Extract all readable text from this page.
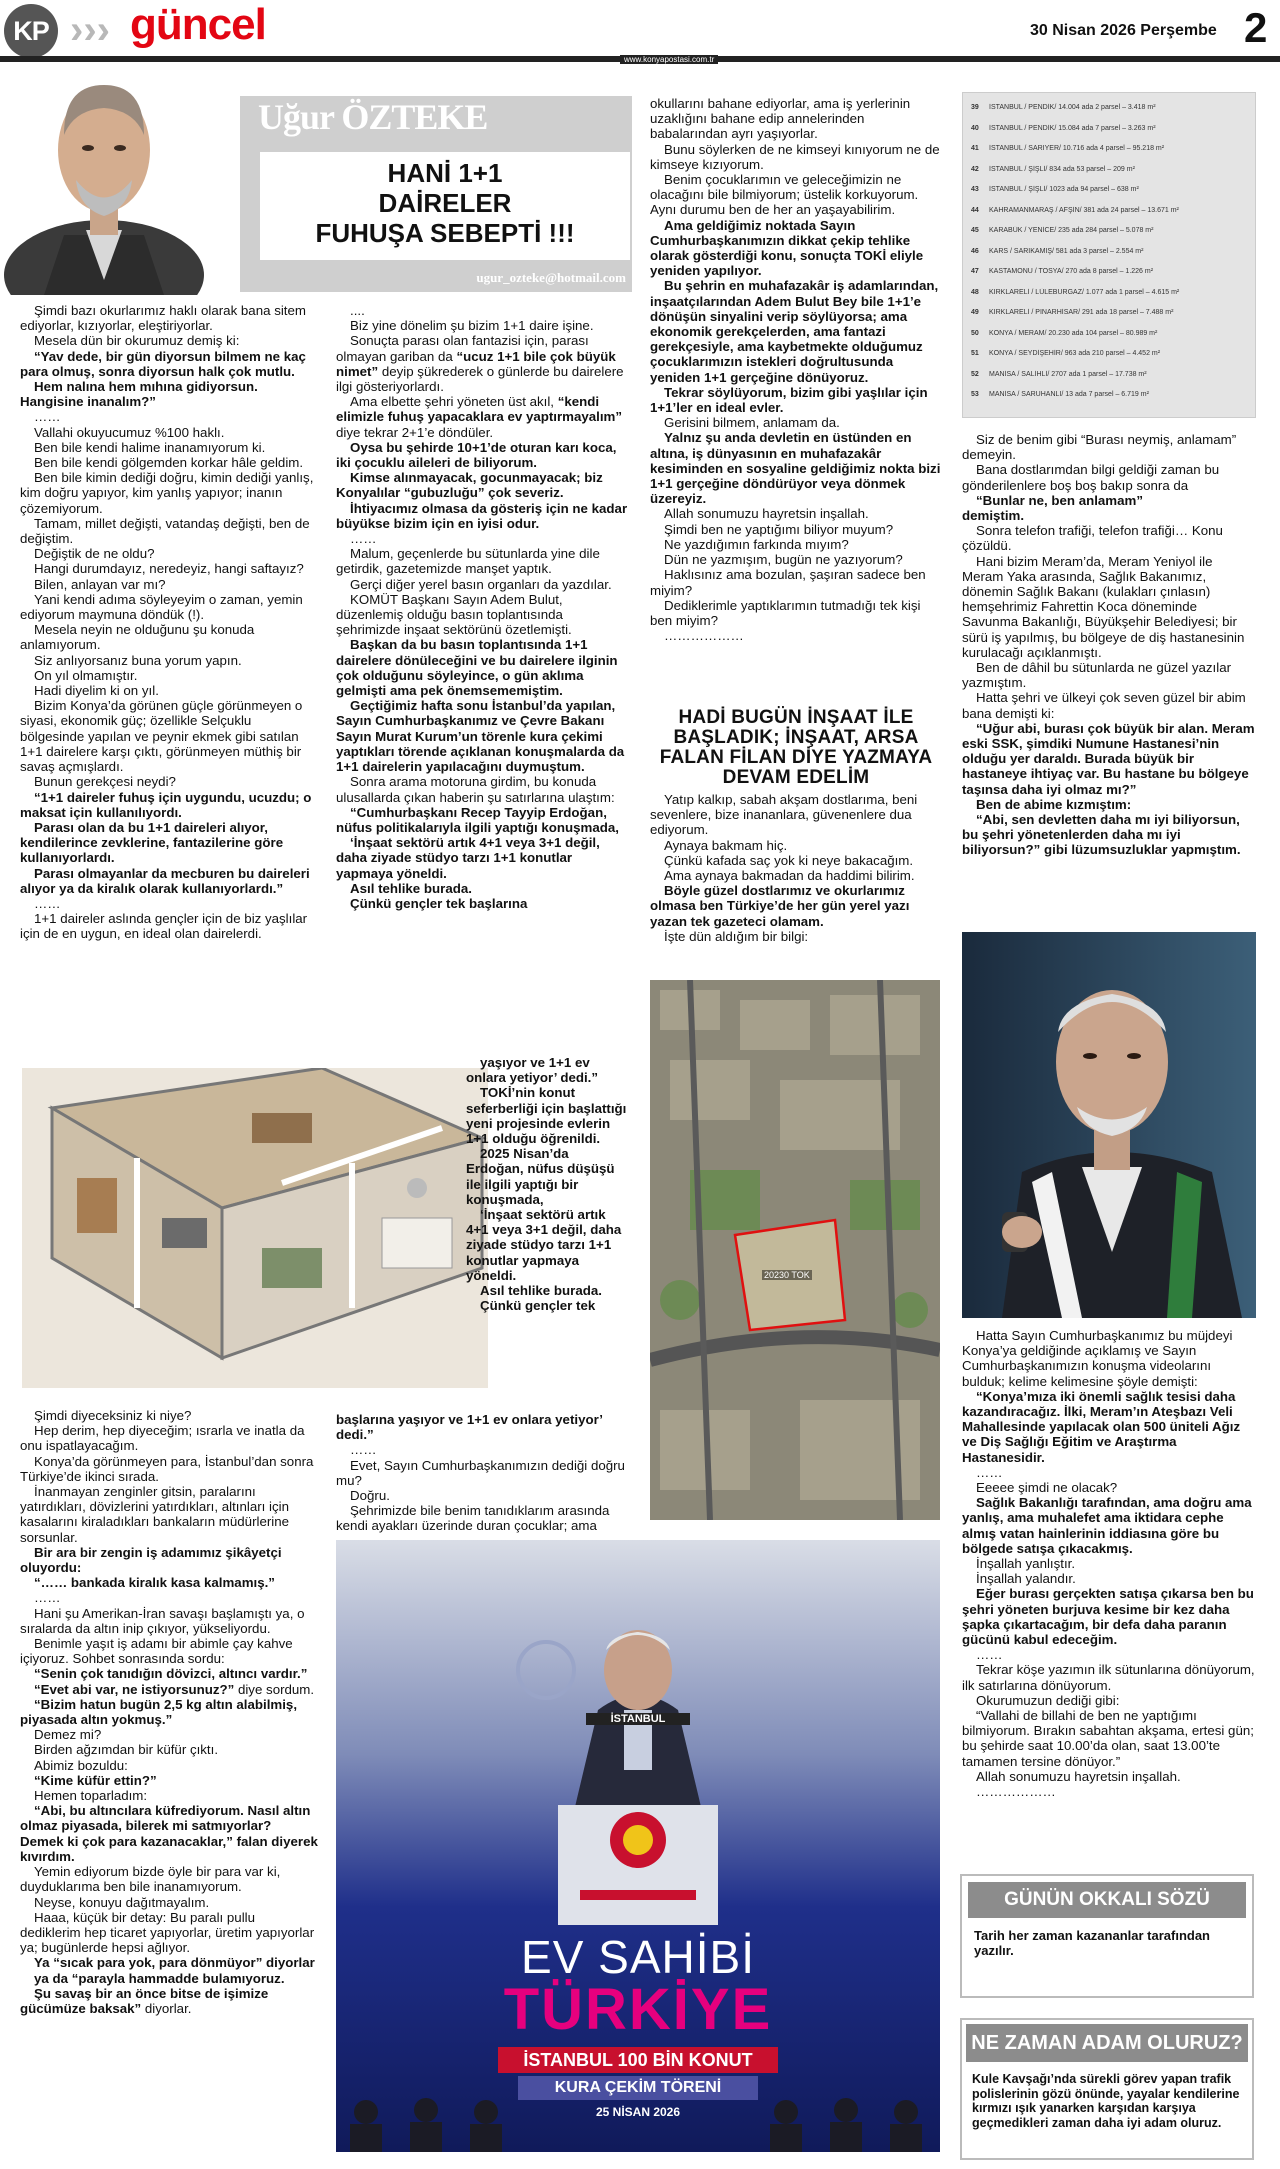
KP ››› güncel	30 Nisan 2026 Perşembe 2
www.konyapostasi.com.tr
Uğur ÖZTEKE
HANİ 1+1
DAİRELER
FUHUŞA SEBEPTİ !!!
ugur_ozteke@hotmail.com

Şimdi bazı okurlarımız haklı olarak bana sitem ediyorlar, kızıyorlar, eleştiriyorlar.

Mesela dün bir okurumuz demiş ki:

“Yav dede, bir gün diyorsun bilmem ne kaç para olmuş, sonra diyorsun halk çok mutlu.

Hem nalına hem mıhına gidiyorsun. Hangisine inanalım?”

……

Vallahi okuyucumuz %100 haklı.

Ben bile kendi halime inanamıyorum ki.

Ben bile kendi gölgemden korkar hâle geldim.

Ben bile kimin dediği doğru, kimin dediği yanlış, kim doğru yapıyor, kim yanlış yapıyor; inanın çözemiyorum.

Tamam, millet değişti, vatandaş değişti, ben de değiştim.

Değiştik de ne oldu?

Hangi durumdayız, neredeyiz, hangi saftayız?

Bilen, anlayan var mı?

Yani kendi adıma söyleyeyim o zaman, yemin ediyorum maymuna döndük (!).

Mesela neyin ne olduğunu şu konuda anlamıyorum.

Siz anlıyorsanız buna yorum yapın.

On yıl olmamıştır.

Hadi diyelim ki on yıl.

Bizim Konya’da görünen güçle görünmeyen o siyasi, ekonomik güç; özellikle Selçuklu bölgesinde yapılan ve peynir ekmek gibi satılan 1+1 dairelere karşı çıktı, görünmeyen müthiş bir savaş açmışlardı.

Bunun gerekçesi neydi?

“1+1 daireler fuhuş için uygundu, ucuzdu; o maksat için kullanılıyordı.

Parası olan da bu 1+1 daireleri alıyor, kendilerince zevklerine, fantazilerine göre kullanıyorlardı.

Parası olmayanlar da mecburen bu daireleri alıyor ya da kiralık olarak kullanıyorlardı.”

……

1+1 daireler aslında gençler için de biz yaşlılar için de en uygun, en ideal olan dairelerdi.

Şimdi diyeceksiniz ki niye?

Hep derim, hep diyeceğim; ısrarla ve inatla da onu ispatlayacağım.

Konya’da görünmeyen para, İstanbul’dan sonra Türkiye’de ikinci sırada.

İnanmayan zenginler gitsin, paralarını yatırdıkları, dövizlerini yatırdıkları, altınları için kasalarını kiraladıkları bankaların müdürlerine sorsunlar.

Bir ara bir zengin iş adamımız şikâyetçi oluyordu:

“…… bankada kiralık kasa kalmamış.”

……

Hani şu Amerikan-İran savaşı başlamıştı ya, o sıralarda da altın inip çıkıyor, yükseliyordu.

Benimle yaşıt iş adamı bir abimle çay kahve içiyoruz. Sohbet sonrasında sordu:

“Senin çok tanıdığın dövizci, altıncı vardır.”

“Evet abi var, ne istiyorsunuz?” diye sordum.

“Bizim hatun bugün 2,5 kg altın alabilmiş, piyasada altın yokmuş.”

Demez mi?

Birden ağzımdan bir küfür çıktı.

Abimiz bozuldu:

“Kime küfür ettin?”

Hemen toparladım:

“Abi, bu altıncılara küfrediyorum. Nasıl altın olmaz piyasada, bilerek mi satmıyorlar? Demek ki çok para kazanacaklar,” falan diyerek kıvırdım.

Yemin ediyorum bizde öyle bir para var ki, duyduklarıma ben bile inanamıyorum.

Neyse, konuyu dağıtmayalım.

Haaa, küçük bir detay: Bu paralı pullu dediklerim hep ticaret yapıyorlar, üretim yapıyorlar ya; bugünlerde hepsi ağlıyor.

Ya “sıcak para yok, para dönmüyor” diyorlar

ya da “parayla hammadde bulamıyoruz.

Şu savaş bir an önce bitse de işimize gücümüze baksak” diyorlar.

....

Biz yine dönelim şu bizim 1+1 daire işine.

Sonuçta parası olan fantazisi için, parası olmayan gariban da “ucuz 1+1 bile çok büyük nimet” deyip şükrederek o günlerde bu dairelere ilgi gösteriyorlardı.

Ama elbette şehri yöneten üst akıl, “kendi elimizle fuhuş yapacaklara ev yaptırmayalım” diye tekrar 2+1’e döndüler.

Oysa bu şehirde 10+1’de oturan karı koca, iki çocuklu aileleri de biliyorum.

Kimse alınmayacak, gocunmayacak; biz Konyalılar “gubuzluğu” çok severiz.

İhtiyacımız olmasa da gösteriş için ne kadar büyükse bizim için en iyisi odur.

……

Malum, geçenlerde bu sütunlarda yine dile getirdik, gazetemizde manşet yaptık.

Gerçi diğer yerel basın organları da yazdılar.

KOMÜT Başkanı Sayın Adem Bulut, düzenlemiş olduğu basın toplantısında şehrimizde inşaat sektörünü özetlemişti.

Başkan da bu basın toplantısında 1+1 dairelere dönüleceğini ve bu dairelere ilginin çok olduğunu söyleyince, o gün aklıma gelmişti ama pek önemsememiştim.

Geçtiğimiz hafta sonu İstanbul’da yapılan, Sayın Cumhurbaşkanımız ve Çevre Bakanı Sayın Murat Kurum’un törenle kura çekimi yaptıkları törende açıklanan konuşmalarda da 1+1 dairelerin yapılacağını duymuştum.

Sonra arama motoruna girdim, bu konuda ulusallarda çıkan haberin şu satırlarına ulaştım:

“Cumhurbaşkanı Recep Tayyip Erdoğan, nüfus politikalarıyla ilgili yaptığı konuşmada,

‘İnşaat sektörü artık 4+1 veya 3+1 değil, daha ziyade stüdyo tarzı 1+1 konutlar yapmaya yöneldi.

Asıl tehlike burada.

Çünkü gençler tek başlarına

yaşıyor ve 1+1 ev onlara yetiyor’ dedi.”

TOKİ’nin konut seferberliği için başlattığı yeni projesinde evlerin 1+1 olduğu öğrenildi.

2025 Nisan’da Erdoğan, nüfus düşüşü ile ilgili yaptığı bir konuşmada,

‘İnşaat sektörü artık 4+1 veya 3+1 değil, daha ziyade stüdyo tarzı 1+1 konutlar yapmaya yöneldi.

Asıl tehlike burada.

Çünkü gençler tek

başlarına yaşıyor ve 1+1 ev onlara yetiyor’ dedi.”

……

Evet, Sayın Cumhurbaşkanımızın dediği doğru mu?

Doğru.

Şehrimizde bile benim tanıdıklarım arasında kendi ayakları üzerinde duran çocuklar; ama

İSTANBUL
EV SAHİBİ
TÜRKİYE
İSTANBUL 100 BİN KONUT
KURA ÇEKİM TÖRENİ
25 NİSAN 2026

okullarını bahane ediyorlar, ama iş yerlerinin uzaklığını bahane edip annelerinden babalarından ayrı yaşıyorlar.

Bunu söylerken de ne kimseyi kınıyorum ne de kimseye kızıyorum.

Benim çocuklarımın ve geleceğimizin ne olacağını bile bilmiyorum; üstelik korkuyorum. Aynı durumu ben de her an yaşayabilirim.

Ama geldiğimiz noktada Sayın Cumhurbaşkanımızın dikkat çekip tehlike olarak gösterdiği konu, sonuçta TOKİ eliyle yeniden yapılıyor.

Bu şehrin en muhafazakâr iş adamlarından, inşaatçılarından Adem Bulut Bey bile 1+1’e dönüşün sinyalini verip söylüyorsa; ama ekonomik gerekçelerden, ama fantazi gerekçesiyle, ama kaybetmekte olduğumuz çocuklarımızın istekleri doğrultusunda yeniden 1+1 gerçeğine dönüyoruz.

Tekrar söylüyorum, bizim gibi yaşlılar için 1+1’ler en ideal evler.

Gerisini bilmem, anlamam da.

Yalnız şu anda devletin en üstünden en altına, iş dünyasının en muhafazakâr kesiminden en sosyaline geldiğimiz nokta bizi 1+1 gerçeğine döndürüyor veya dönmek üzereyiz.

Allah sonumuzu hayretsin inşallah.

Şimdi ben ne yaptığımı biliyor muyum?

Ne yazdığımın farkında mıyım?

Dün ne yazmışım, bugün ne yazıyorum?

Haklısınız ama bozulan, şaşıran sadece ben miyim?

Dediklerimle yaptıklarımın tutmadığı tek kişi ben miyim?

………………

HADİ BUGÜN İNŞAAT İLE
BAŞLADIK; İNŞAAT, ARSA
FALAN FİLAN DİYE YAZMAYA
DEVAM EDELİM

Yatıp kalkıp, sabah akşam dostlarıma, beni sevenlere, bize inananlara, güvenenlere dua ediyorum.

Aynaya bakmam hiç.

Çünkü kafada saç yok ki neye bakacağım.

Ama aynaya bakmadan da haddimi bilirim.

Böyle güzel dostlarımız ve okurlarımız olmasa ben Türkiye’de her gün yerel yazı yazan tek gazeteci olamam.

İşte dün aldığım bir bilgi:

20230 TOK
39 İSTANBUL / PENDİK/ 14.004 ada 2 parsel – 3.418 m²
40 İSTANBUL / PENDİK/ 15.084 ada 7 parsel – 3.263 m²
41 İSTANBUL / SARIYER/ 10.716 ada 4 parsel – 95.218 m²
42 İSTANBUL / ŞİŞLİ/ 834 ada 53 parsel – 209 m²
43 İSTANBUL / ŞİŞLİ/ 1023 ada 94 parsel – 638 m²
44 KAHRAMANMARAŞ / AFŞİN/ 381 ada 24 parsel – 13.671 m²
45 KARABÜK / YENİCE/ 235 ada 284 parsel – 5.078 m²
46 KARS / SARIKAMIŞ/ 581 ada 3 parsel – 2.554 m²
47 KASTAMONU / TOSYA/ 270 ada 8 parsel – 1.226 m²
48 KIRKLARELİ / LÜLEBURGAZ/ 1.077 ada 1 parsel – 4.615 m²
49 KIRKLARELİ / PINARHİSAR/ 291 ada 18 parsel – 7.488 m²
50 KONYA / MERAM/ 20.230 ada 104 parsel – 80.989 m²
51 KONYA / SEYDİŞEHİR/ 963 ada 210 parsel – 4.452 m²
52 MANİSA / SALİHLİ/ 2707 ada 1 parsel – 17.738 m²
53 MANİSA / SARUHANLI/ 13 ada 7 parsel – 6.719 m²

Siz de benim gibi “Burası neymiş, anlamam” demeyin.

Bana dostlarımdan bilgi geldiği zaman bu gönderilenlere boş boş bakıp sonra da

“Bunlar ne, ben anlamam”

demiştim.

Sonra telefon trafiği, telefon trafiği… Konu çözüldü.

Hani bizim Meram’da, Meram Yeniyol ile Meram Yaka arasında, Sağlık Bakanımız, dönemin Sağlık Bakanı (kulakları çınlasın) hemşehrimiz Fahrettin Koca döneminde Savunma Bakanlığı, Büyükşehir Belediyesi; bir sürü iş yapılmış, bu bölgeye de diş hastanesinin kurulacağı açıklanmıştı.

Ben de dâhil bu sütunlarda ne güzel yazılar yazmıştım.

Hatta şehri ve ülkeyi çok seven güzel bir abim bana demişti ki:

“Uğur abi, burası çok büyük bir alan. Meram eski SSK, şimdiki Numune Hastanesi’nin olduğu yer daraldı. Burada büyük bir hastaneye ihtiyaç var. Bu hastane bu bölgeye taşınsa daha iyi olmaz mı?”

Ben de abime kızmıştım:

“Abi, sen devletten daha mı iyi biliyorsun, bu şehri yönetenlerden daha mı iyi biliyorsun?” gibi lüzumsuzluklar yapmıştım.

Hatta Sayın Cumhurbaşkanımız bu müjdeyi Konya’ya geldiğinde açıklamış ve Sayın Cumhurbaşkanımızın konuşma videolarını bulduk; kelime kelimesine şöyle demişti:

“Konya’mıza iki önemli sağlık tesisi daha kazandıracağız. İlki, Meram’ın Ateşbazı Veli Mahallesinde yapılacak olan 500 üniteli Ağız ve Diş Sağlığı Eğitim ve Araştırma Hastanesidir.

……

Eeeee şimdi ne olacak?

Sağlık Bakanlığı tarafından, ama doğru ama yanlış, ama muhalefet ama iktidara cephe almış vatan hainlerinin iddiasına göre bu bölgede satışa çıkacakmış.

İnşallah yanlıştır.

İnşallah yalandır.

Eğer burası gerçekten satışa çıkarsa ben bu şehri yöneten burjuva kesime bir kez daha şapka çıkartacağım, bir defa daha paranın gücünü kabul edeceğim.

……

Tekrar köşe yazımın ilk sütunlarına dönüyorum, ilk satırlarına dönüyorum.

Okurumuzun dediği gibi:

“Vallahi de billahi de ben ne yaptığımı bilmiyorum. Bırakın sabahtan akşama, ertesi gün; bu şehirde saat 10.00’da olan, saat 13.00’te tamamen tersine dönüyor.”

Allah sonumuzu hayretsin inşallah.

………………

GÜNÜN OKKALI SÖZÜ
Tarih her zaman kazananlar tarafından yazılır.
NE ZAMAN ADAM OLURUZ?
Kule Kavşağı’nda sürekli görev yapan trafik polislerinin gözü önünde, yayalar kendilerine kırmızı ışık yanarken karşıdan karşıya geçmedikleri zaman daha iyi adam oluruz.
